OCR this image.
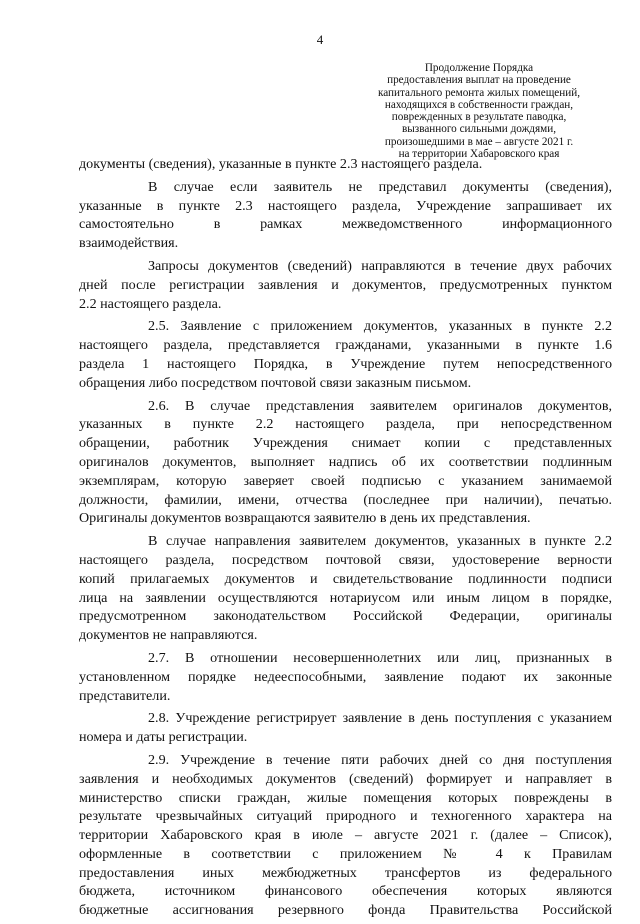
4
Продолжение Порядка
предоставления выплат на проведение
капитального ремонта жилых помещений,
находящихся в собственности граждан,
поврежденных в результате паводка,
вызванного сильными дождями,
произошедшими в мае – августе 2021 г.
на территории Хабаровского края
документы (сведения), указанные в пункте 2.3 настоящего раздела.
В случае если заявитель не представил документы (сведения),
указанные в пункте 2.3 настоящего раздела, Учреждение запрашивает их
самостоятельно в рамках межведомственного информационного
взаимодействия.
Запросы документов (сведений) направляются в течение двух рабочих
дней после регистрации заявления и документов, предусмотренных пунктом
2.2 настоящего раздела.
2.5. Заявление с приложением документов, указанных в пункте 2.2
настоящего раздела, представляется гражданами, указанными в пункте 1.6
раздела 1 настоящего Порядка, в Учреждение путем непосредственного
обращения либо посредством почтовой связи заказным письмом.
2.6. В случае представления заявителем оригиналов документов,
указанных в пункте 2.2 настоящего раздела, при непосредственном
обращении, работник Учреждения снимает копии с представленных
оригиналов документов, выполняет надпись об их соответствии подлинным
экземплярам, которую заверяет своей подписью с указанием занимаемой
должности, фамилии, имени, отчества (последнее при наличии), печатью.
Оригиналы документов возвращаются заявителю в день их представления.
В случае направления заявителем документов, указанных в пункте 2.2
настоящего раздела, посредством почтовой связи, удостоверение верности
копий прилагаемых документов и свидетельствование подлинности подписи
лица на заявлении осуществляются нотариусом или иным лицом в порядке,
предусмотренном законодательством Российской Федерации, оригиналы
документов не направляются.
2.7. В отношении несовершеннолетних или лиц, признанных в
установленном порядке недееспособными, заявление подают их законные
представители.
2.8. Учреждение регистрирует заявление в день поступления с указанием
номера и даты регистрации.
2.9. Учреждение в течение пяти рабочих дней со дня поступления
заявления и необходимых документов (сведений) формирует и направляет в
министерство списки граждан, жилые помещения которых повреждены в
результате чрезвычайных ситуаций природного и техногенного характера на
территории Хабаровского края в июле – августе 2021 г. (далее – Список),
оформленные в соответствии с приложением № 4 к Правилам
предоставления иных межбюджетных трансфертов из федерального
бюджета, источником финансового обеспечения которых являются
бюджетные ассигнования резервного фонда Правительства Российской
